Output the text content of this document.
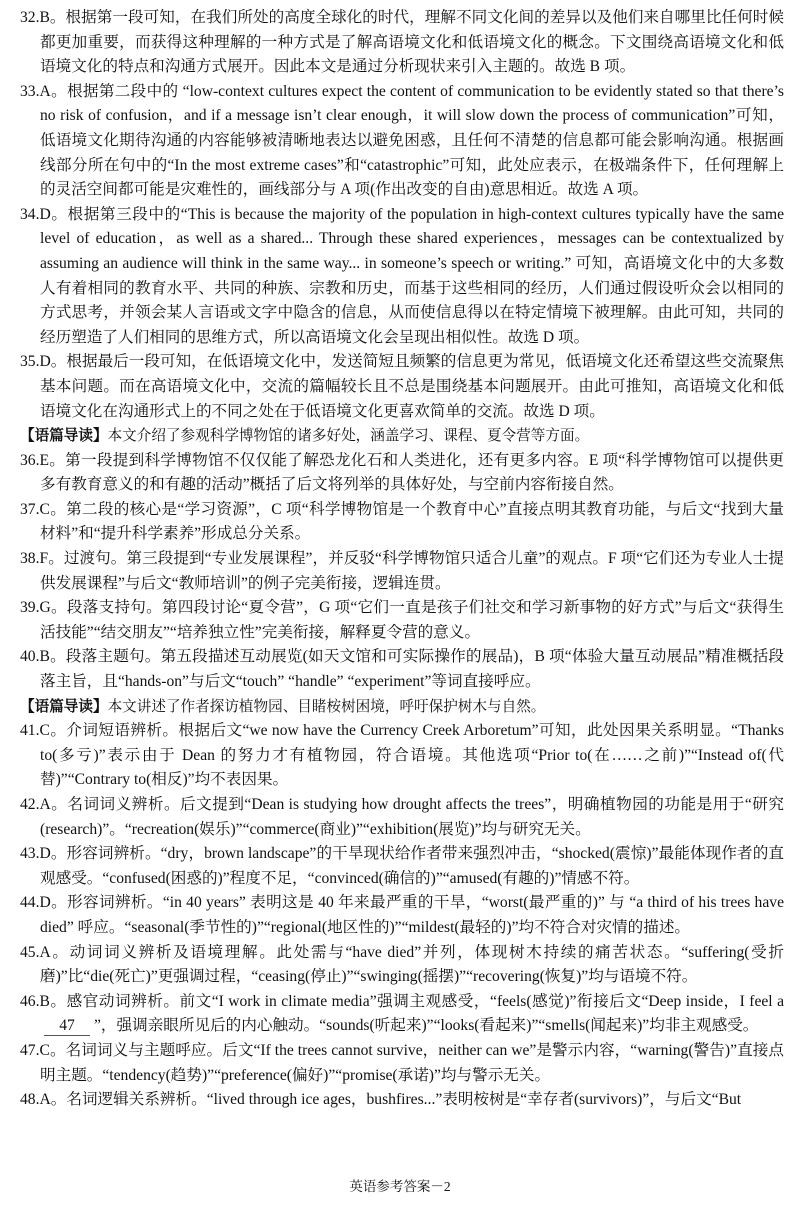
32.B。根据第一段可知，在我们所处的高度全球化的时代，理解不同文化间的差异以及他们来自哪里比任何时候都更加重要，而获得这种理解的一种方式是了解高语境文化和低语境文化的概念。下文围绕高语境文化和低语境文化的特点和沟通方式展开。因此本文是通过分析现状来引入主题的。故选 B 项。
33.A。根据第二段中的 “low-context cultures expect the content of communication to be evidently stated so that there’s no risk of confusion，and if a message isn’t clear enough，it will slow down the process of communication”可知，低语境文化期待沟通的内容能够被清晰地表达以避免困惑，且任何不清楚的信息都可能会影响沟通。根据画线部分所在句中的“In the most extreme cases”和“catastrophic”可知，此处应表示，在极端条件下，任何理解上的灵活空间都可能是灾难性的，画线部分与 A 项(作出改变的自由)意思相近。故选 A 项。
34.D。根据第三段中的“This is because the majority of the population in high-context cultures typically have the same level of education，as well as a shared... Through these shared experiences，messages can be contextualized by assuming an audience will think in the same way... in someone’s speech or writing.” 可知，高语境文化中的大多数人有着相同的教育水平、共同的种族、宗教和历史，而基于这些相同的经历，人们通过假设听众会以相同的方式思考，并领会某人言语或文字中隐含的信息，从而使信息得以在特定情境下被理解。由此可知，共同的经历塑造了人们相同的思维方式，所以高语境文化会呈现出相似性。故选 D 项。
35.D。根据最后一段可知，在低语境文化中，发送简短且频繁的信息更为常见，低语境文化还希望这些交流聚焦基本问题。而在高语境文化中，交流的篇幅较长且不总是围绕基本问题展开。由此可推知，高语境文化和低语境文化在沟通形式上的不同之处在于低语境文化更喜欢简单的交流。故选 D 项。
【语篇导读】本文介绍了参观科学博物馆的诸多好处，涵盖学习、课程、夏令营等方面。
36.E。第一段提到科学博物馆不仅仅能了解恐龙化石和人类进化，还有更多内容。E 项“科学博物馆可以提供更多有教育意义的和有趣的活动”概括了后文将列举的具体好处，与空前内容衔接自然。
37.C。第二段的核心是“学习资源”，C 项“科学博物馆是一个教育中心”直接点明其教育功能，与后文“找到大量材料”和“提升科学素养”形成总分关系。
38.F。过渡句。第三段提到“专业发展课程”，并反驳“科学博物馆只适合儿童”的观点。F 项“它们还为专业人士提供发展课程”与后文“教师培训”的例子完美衔接，逻辑连贯。
39.G。段落支持句。第四段讨论“夏令营”，G 项“它们一直是孩子们社交和学习新事物的好方式”与后文“获得生活技能”“结交朋友”“培养独立性”完美衔接，解释夏令营的意义。
40.B。段落主题句。第五段描述互动展览(如天文馆和可实际操作的展品)，B 项“体验大量互动展品”精准概括段落主旨，且“hands-on”与后文“touch” “handle” “experiment”等词直接呼应。
【语篇导读】本文讲述了作者探访植物园、目睹桉树困境，呼吁保护树木与自然。
41.C。介词短语辨析。根据后文“we now have the Currency Creek Arboretum”可知，此处因果关系明显。“Thanks to(多亏)”表示由于 Dean 的努力才有植物园，符合语境。其他选项“Prior to(在……之前)”“Instead of(代替)”“Contrary to(相反)”均不表因果。
42.A。名词词义辨析。后文提到“Dean is studying how drought affects the trees”，明确植物园的功能是用于“研究(research)”。“recreation(娱乐)”“commerce(商业)”“exhibition(展览)”均与研究无关。
43.D。形容词辨析。“dry，brown landscape”的干旱现状给作者带来强烈冲击，“shocked(震惊)”最能体现作者的直观感受。“confused(困惑的)”程度不足，“convinced(确信的)”“amused(有趣的)”情感不符。
44.D。形容词辨析。“in 40 years” 表明这是 40 年来最严重的干旱，“worst(最严重的)” 与 “a third of his trees have died” 呼应。“seasonal(季节性的)”“regional(地区性的)”“mildest(最轻的)”均不符合对灾情的描述。
45.A。动词词义辨析及语境理解。此处需与“have died”并列，体现树木持续的痛苦状态。“suffering(受折磨)”比“die(死亡)”更强调过程，“ceasing(停止)”“swinging(摇摆)”“recovering(恢复)”均与语境不符。
46.B。感官动词辨析。前文“I work in climate media”强调主观感受，“feels(感觉)”衔接后文“Deep inside，I feel a47 ”，强调亲眼所见后的内心触动。“sounds(听起来)”“looks(看起来)”“smells(闻起来)”均非主观感受。
47.C。名词词义与主题呼应。后文“If the trees cannot survive，neither can we”是警示内容，“warning(警告)”直接点明主题。“tendency(趋势)”“preference(偏好)”“promise(承诺)”均与警示无关。
48.A。名词逻辑关系辨析。“lived through ice ages，bushfires...”表明桉树是“幸存者(survivors)”，与后文“But
英语参考答案－2
